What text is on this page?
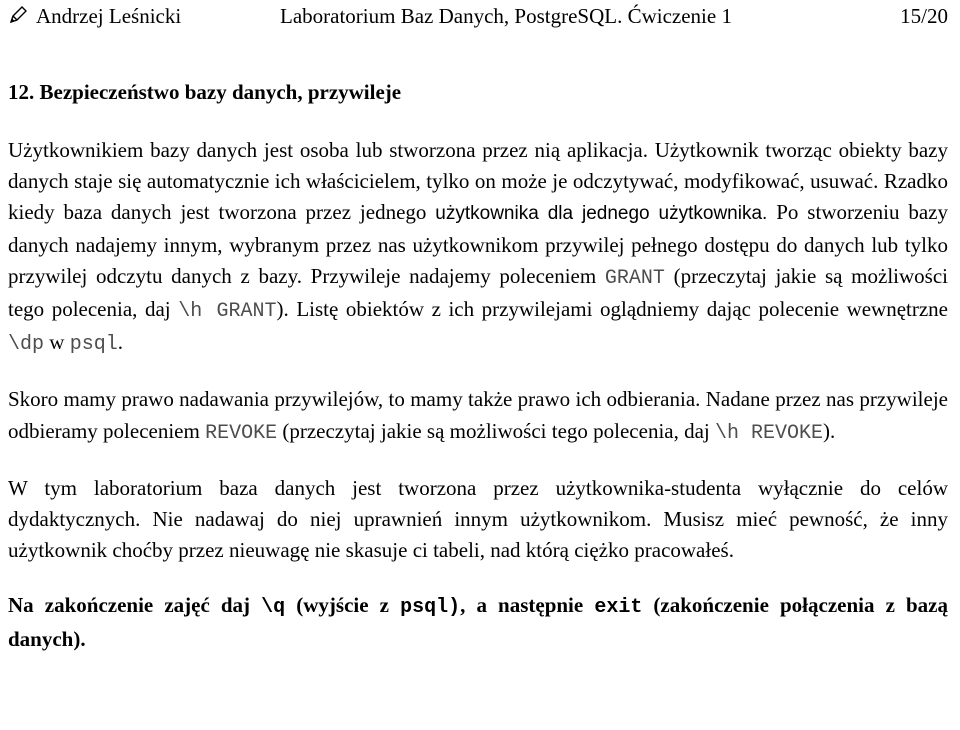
Andrzej Leśnicki	Laboratorium Baz Danych, PostgreSQL. Ćwiczenie 1	15/20
12. Bezpieczeństwo bazy danych, przywileje

Użytkownikiem bazy danych jest osoba lub stworzona przez nią aplikacja. Użytkownik tworząc obiekty bazy danych staje się automatycznie ich właścicielem, tylko on może je odczytywać, modyfikować, usuwać. Rzadko kiedy baza danych jest tworzona przez jednego użytkownika dla jednego użytkownika. Po stworzeniu bazy danych nadajemy innym, wybranym przez nas użytkownikom przywilej pełnego dostępu do danych lub tylko przywilej odczytu danych z bazy. Przywileje nadajemy poleceniem GRANT (przeczytaj jakie są możliwości tego polecenia, daj \h GRANT). Listę obiektów z ich przywilejami oglądniemy dając polecenie wewnętrzne \dp w psql.

Skoro mamy prawo nadawania przywilejów, to mamy także prawo ich odbierania. Nadane przez nas przywileje odbieramy poleceniem REVOKE (przeczytaj jakie są możliwości tego polecenia, daj \h REVOKE).

W tym laboratorium baza danych jest tworzona przez użytkownika-studenta wyłącznie do celów dydaktycznych. Nie nadawaj do niej uprawnień innym użytkownikom. Musisz mieć pewność, że inny użytkownik choćby przez nieuwagę nie skasuje ci tabeli, nad którą ciężko pracowałeś.

Na zakończenie zajęć daj \q (wyjście z psql), a następnie exit (zakończenie połączenia z bazą danych).
